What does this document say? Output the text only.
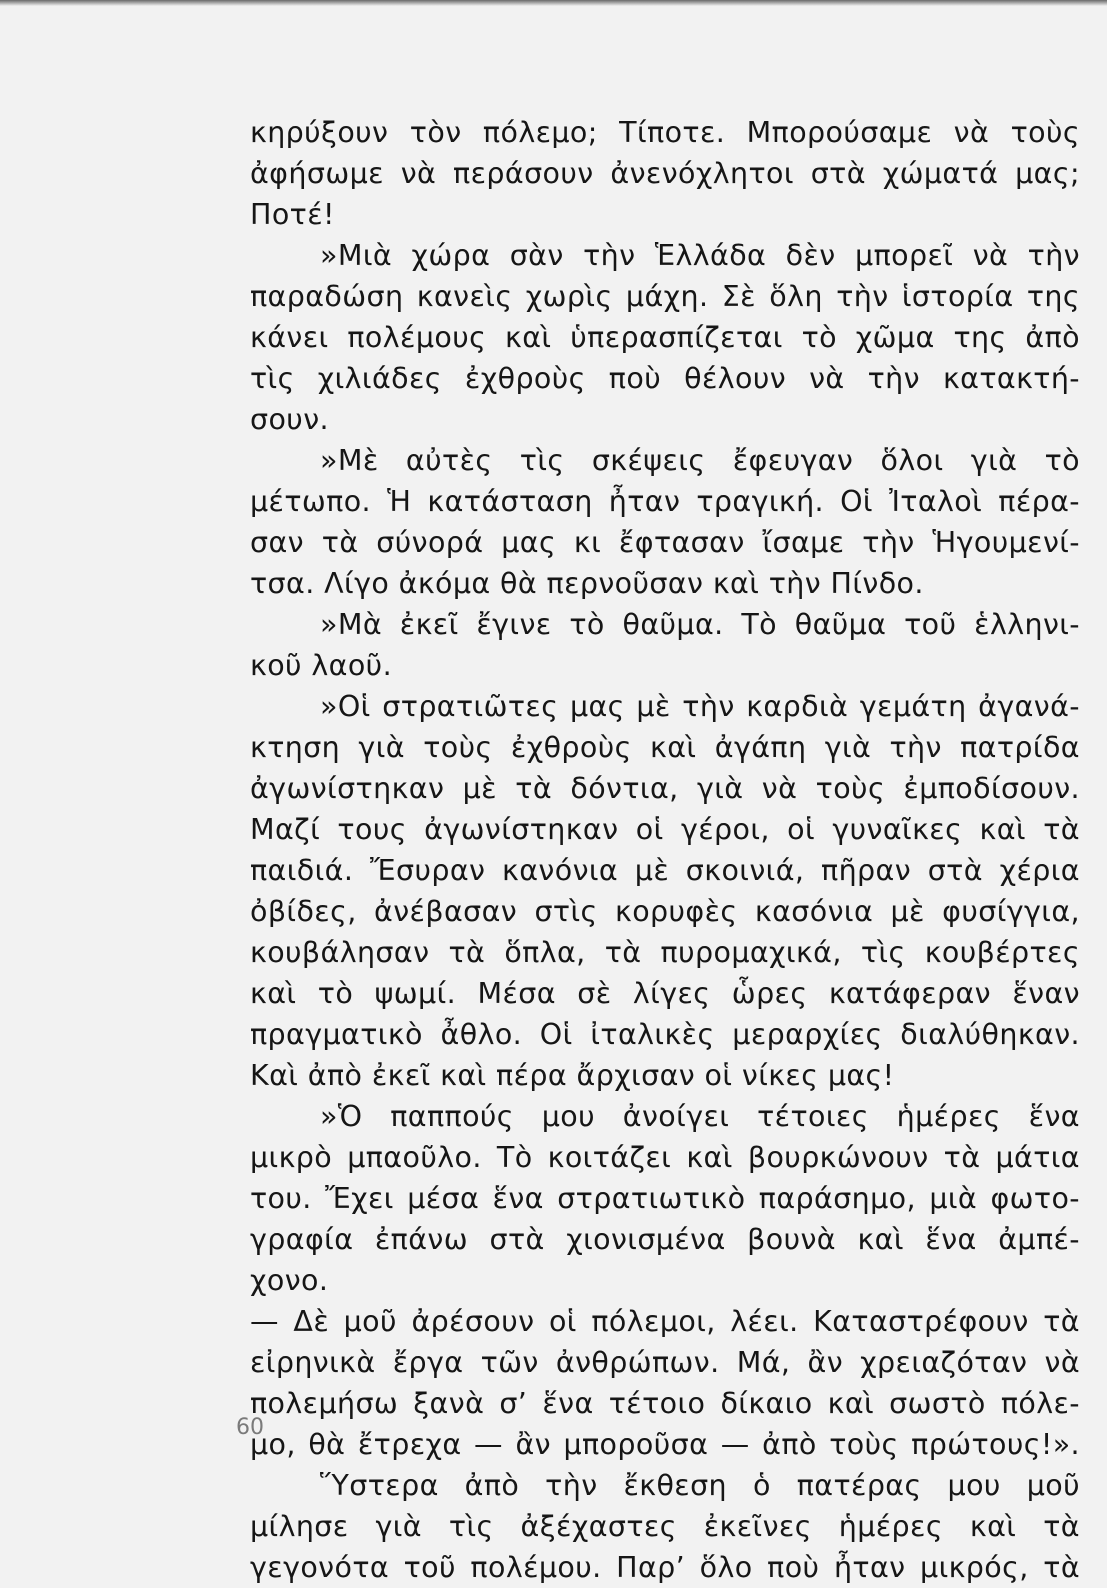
κηρύξουν τὸν πόλεμο; Τίποτε. Μπορούσαμε νὰ τοὺς
ἀφήσωμε νὰ περάσουν ἀνενόχλητοι στὰ χώματά μας;
Ποτέ!
»Μιὰ χώρα σὰν τὴν Ἑλλάδα δὲν μπορεῖ νὰ τὴν
παραδώση κανεὶς χωρὶς μάχη. Σὲ ὅλη τὴν ἱστορία της
κάνει πολέμους καὶ ὑπερασπίζεται τὸ χῶμα της ἀπὸ
τὶς χιλιάδες ἐχθροὺς ποὺ θέλουν νὰ τὴν κατακτή-
σουν.
»Μὲ αὐτὲς τὶς σκέψεις ἔφευγαν ὅλοι γιὰ τὸ
μέτωπο. Ἡ κατάσταση ἦταν τραγική. Οἱ Ἰταλοὶ πέρα-
σαν τὰ σύνορά μας κι ἔφτασαν ἴσαμε τὴν Ἡγουμενί-
τσα. Λίγο ἀκόμα θὰ περνοῦσαν καὶ τὴν Πίνδο.
»Μὰ ἐκεῖ ἔγινε τὸ θαῦμα. Τὸ θαῦμα τοῦ ἑλληνι-
κοῦ λαοῦ.
»Οἱ στρατιῶτες μας μὲ τὴν καρδιὰ γεμάτη ἀγανά-
κτηση γιὰ τοὺς ἐχθροὺς καὶ ἀγάπη γιὰ τὴν πατρίδα
ἀγωνίστηκαν μὲ τὰ δόντια, γιὰ νὰ τοὺς ἐμποδίσουν.
Μαζί τους ἀγωνίστηκαν οἱ γέροι, οἱ γυναῖκες καὶ τὰ
παιδιά. Ἔσυραν κανόνια μὲ σκοινιά, πῆραν στὰ χέρια
ὀβίδες, ἀνέβασαν στὶς κορυφὲς κασόνια μὲ φυσίγγια,
κουβάλησαν τὰ ὅπλα, τὰ πυρομαχικά, τὶς κουβέρτες
καὶ τὸ ψωμί. Μέσα σὲ λίγες ὧρες κατάφεραν ἕναν
πραγματικὸ ἆθλο. Οἱ ἰταλικὲς μεραρχίες διαλύθηκαν.
Καὶ ἀπὸ ἐκεῖ καὶ πέρα ἄρχισαν οἱ νίκες μας!
»Ὁ παππούς μου ἀνοίγει τέτοιες ἡμέρες ἕνα
μικρὸ μπαοῦλο. Τὸ κοιτάζει καὶ βουρκώνουν τὰ μάτια
του. Ἔχει μέσα ἕνα στρατιωτικὸ παράσημο, μιὰ φωτο-
γραφία ἐπάνω στὰ χιονισμένα βουνὰ καὶ ἕνα ἀμπέ-
χονο.
— Δὲ μοῦ ἀρέσουν οἱ πόλεμοι, λέει. Καταστρέφουν τὰ
εἰρηνικὰ ἔργα τῶν ἀνθρώπων. Μά, ἂν χρειαζόταν νὰ
πολεμήσω ξανὰ σ’ ἕνα τέτοιο δίκαιο καὶ σωστὸ πόλε-
μο, θὰ ἔτρεχα — ἂν μποροῦσα — ἀπὸ τοὺς πρώτους!».
Ὕστερα ἀπὸ τὴν ἔκθεση ὁ πατέρας μου μοῦ
μίλησε γιὰ τὶς ἀξέχαστες ἐκεῖνες ἡμέρες καὶ τὰ
γεγονότα τοῦ πολέμου. Παρ’ ὅλο ποὺ ἦταν μικρός, τὰ
60
